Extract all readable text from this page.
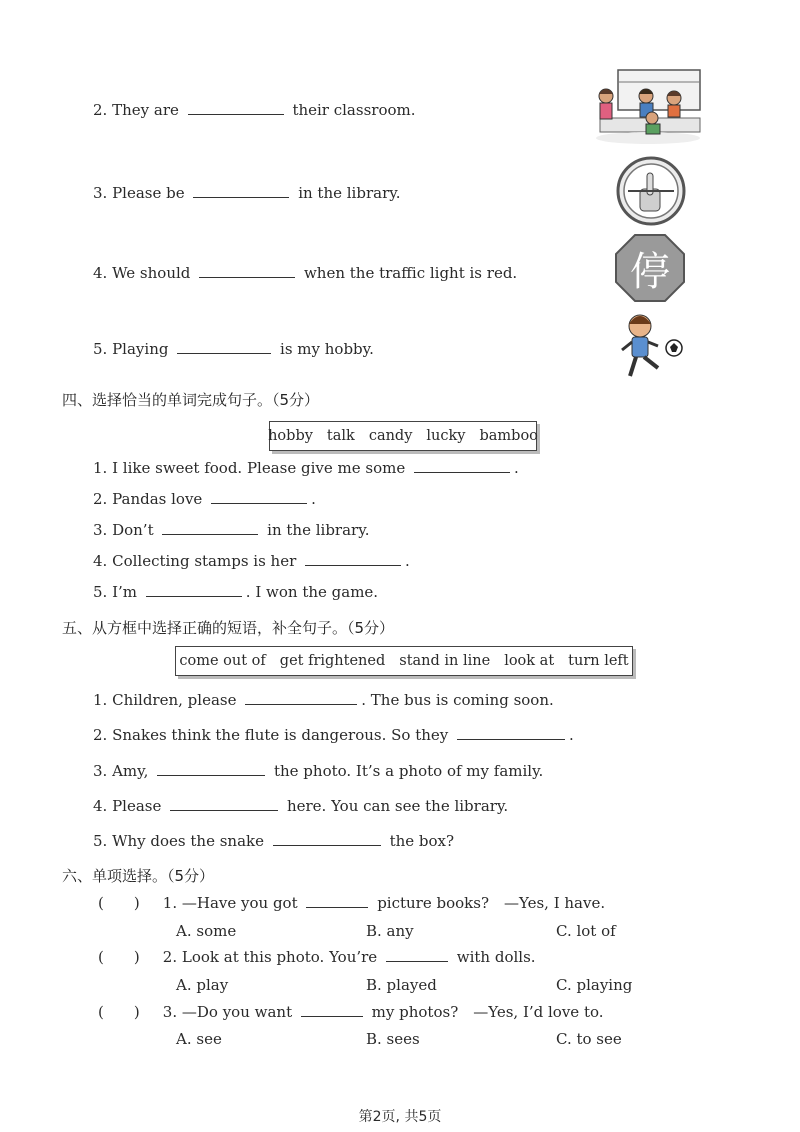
2. They are	their classroom.
3. Please be	in the library.
4. We should	when the traffic light is red.
5. Playing	is my hobby.
停
四、选择恰当的单词完成句子。（5分）
hobby talk candy lucky bamboo
1. I like sweet food. Please give me some	.
2. Pandas love	.
3. Don’t	in the library.
4. Collecting stamps is her	.
5. I’m	. I won the game.
五、从方框中选择正确的短语，补全句子。（5分）
come out of get frightened stand in line look at turn left
1. Children, please	. The bus is coming soon.
2. Snakes think the flute is dangerous. So they	.
3. Amy,	the photo. It’s a photo of my family.
4. Please	here. You can see the library.
5. Why does the snake	the box?
六、单项选择。（5分）
(　　) 1. —Have you got	picture books?　—Yes, I have.
A. some	B. any	C. lot of
(　　) 2. Look at this photo. You’re	with dolls.
A. play	B. played	C. playing
(　　) 3. —Do you want	my photos?　—Yes, I’d love to.
A. see	B. sees	C. to see
第2页, 共5页
